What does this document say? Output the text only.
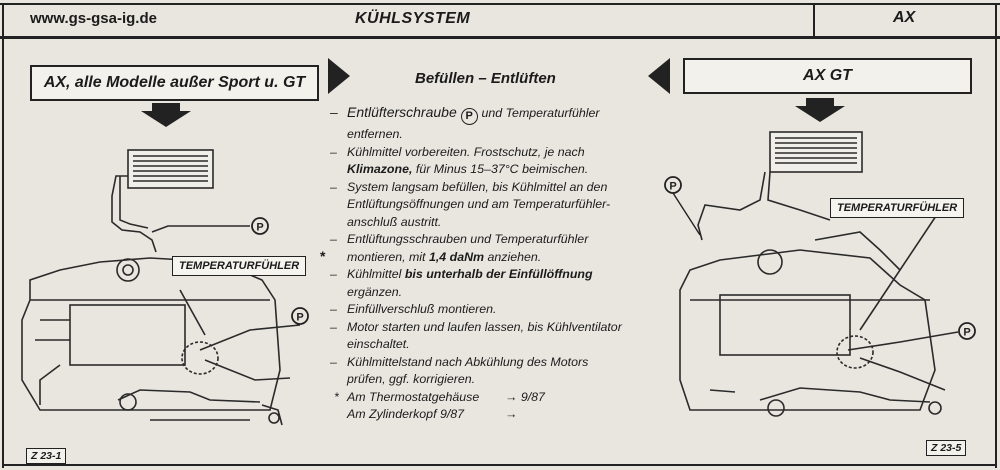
www.gs-gsa-ig.de	KÜHLSYSTEM	AX
AX, alle Modelle außer Sport u. GT	Befüllen – Entlüften	AX GT
P
P
P
P
TEMPERATURFÜHLER
*
TEMPERATURFÜHLER
Z 23-1
Z 23-5
– Entlüfterschraube P und Temperaturfühler
entfernen.
– Kühlmittel vorbereiten. Frostschutz, je nach
Klimazone, für Minus 15–37°C beimischen.
– System langsam befüllen, bis Kühlmittel an den
Entlüftungsöffnungen und am Temperaturfühler-
anschluß austritt.
– Entlüftungsschrauben und Temperaturfühler
montieren, mit 1,4 daNm anziehen.
– Kühlmittel bis unterhalb der Einfüllöffnung
ergänzen.
– Einfüllverschluß montieren.
– Motor starten und laufen lassen, bis Kühlventilator
einschaltet.
– Kühlmittelstand nach Abkühlung des Motors
prüfen, ggf. korrigieren.
* Am Thermostatgehäuse	→ 9/87
Am Zylinderkopf 9/87	→
